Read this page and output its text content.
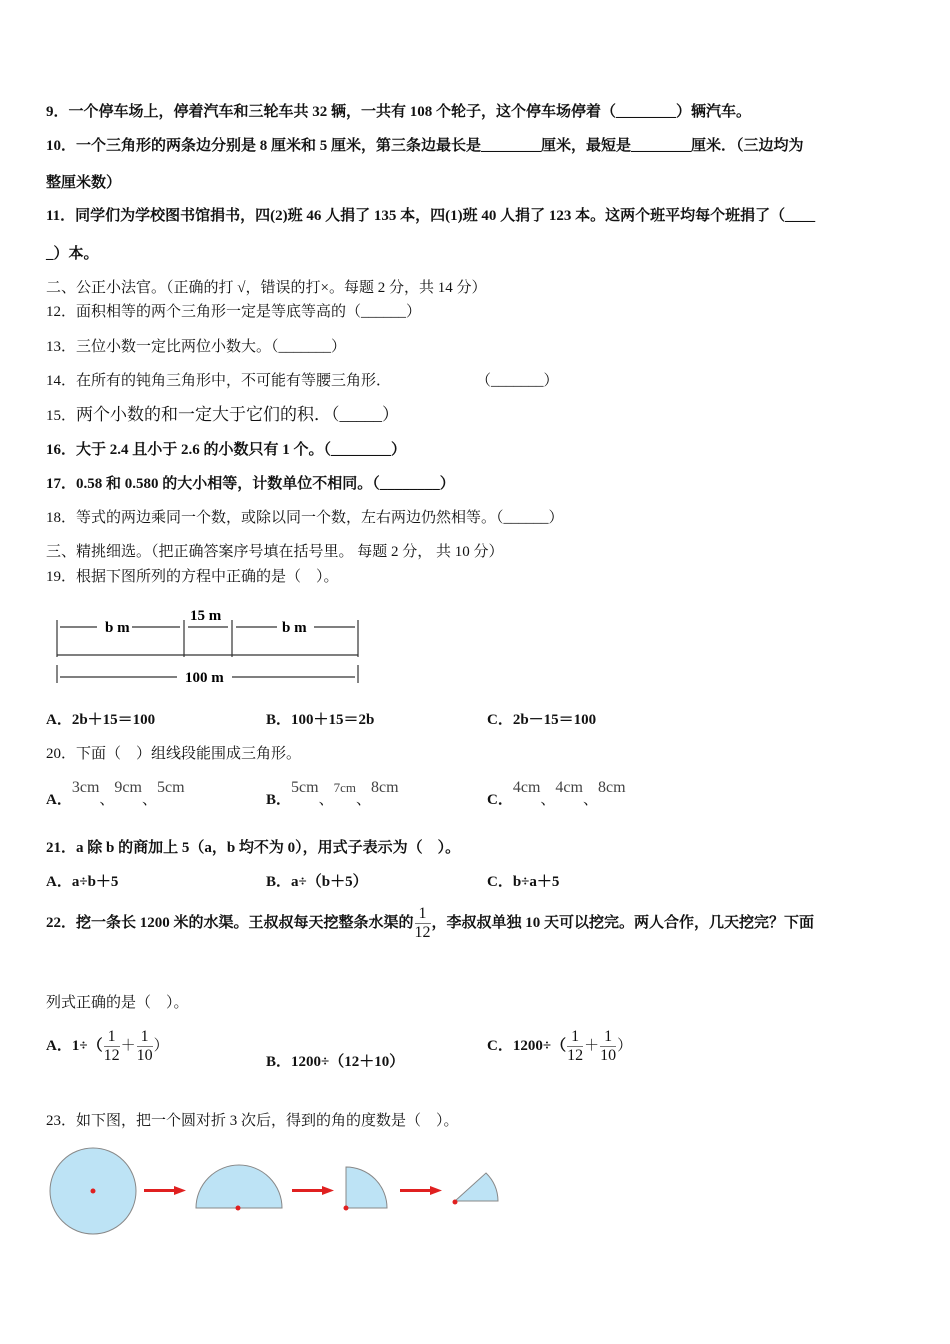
9．一个停车场上，停着汽车和三轮车共 32 辆，一共有 108 个轮子，这个停车场停着（________）辆汽车。
10．一个三角形的两条边分别是 8 厘米和 5 厘米，第三条边最长是________厘米，最短是________厘米．（三边均为
整厘米数）
11．同学们为学校图书馆捐书，四(2)班 46 人捐了 135 本，四(1)班 40 人捐了 123 本。这两个班平均每个班捐了（____
_）本。
二、公正小法官。（正确的打 √，错误的打×。每题 2 分，共 14 分）
12．面积相等的两个三角形一定是等底等高的（______）
13．三位小数一定比两位小数大。（_______）
14．在所有的钝角三角形中，不可能有等腰三角形．	（_______）
15．两个小数的和一定大于它们的积．（_____）
16．大于 2.4 且小于 2.6 的小数只有 1 个。（________）
17．0.58 和 0.580 的大小相等，计数单位不相同。（________）
18．等式的两边乘同一个数，或除以同一个数，左右两边仍然相等。（______）
三、精挑细选。（把正确答案序号填在括号里。 每题 2 分， 共 10 分）
19．根据下图所列的方程中正确的是（　）。
b m
15 m
b m
100 m
A．2b＋15＝100	B．100＋15＝2b	C．2b－15＝100
20．下面（　）组线段能围成三角形。
A．3cm、9cm、5cm
B．5cm、7cm、8cm
C．4cm、4cm、8cm
21．a 除 b 的商加上 5（a，b 均不为 0），用式子表示为（　）。
A．a÷b＋5	B．a÷（b＋5）	C．b÷a＋5
22．挖一条长 1200 米的水渠。王叔叔每天挖整条水渠的 $\frac{1}{12}$ ，李叔叔单独 10 天可以挖完。两人合作，几天挖完？下面
列式正确的是（　）。
A．$1\div( \frac{1}{12} + \frac{1}{10}$ ）
B．1200÷（12＋10）
C．$1200\div( \frac{1}{12} + \frac{1}{10}$ ）
23．如下图，把一个圆对折 3 次后，得到的角的度数是（　）。
